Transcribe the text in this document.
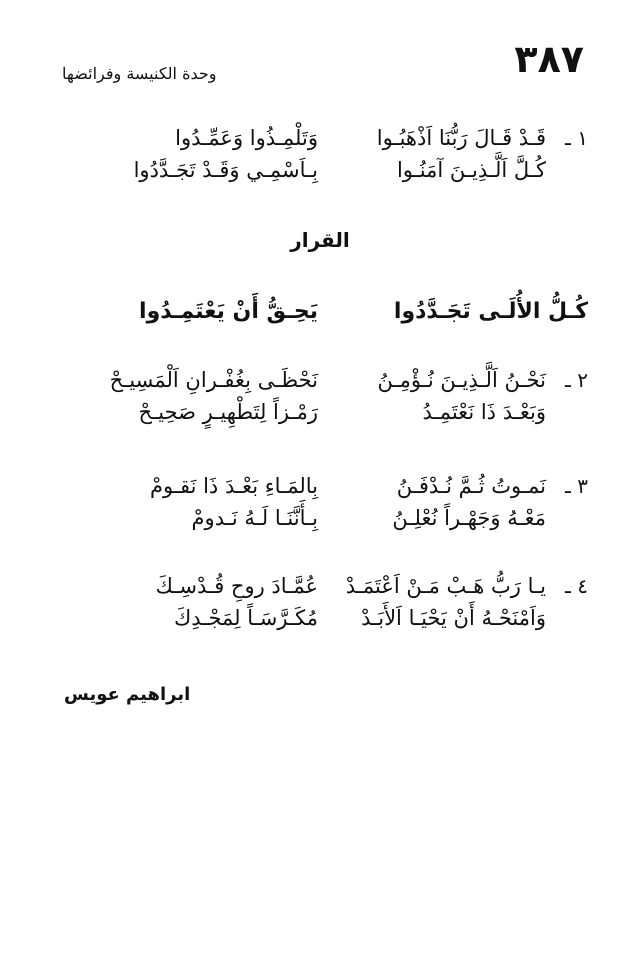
٣٨٧
وحدة الكنيسة وفرائضها
١ ـ
قَـدْ قَـالَ رَبُّنَا اَذْهَبُـوا
وَتَلْمِـذُوا وَعَمِّـدُوا
كُـلَّ اَلَّـذِيـنَ آمَنُـوا
بِـاَسْمِـي وَقَـدْ تَجَـدَّدُوا
القرار
كُـلُّ الأُلَـى تَجَـدَّدُوا
يَحِـقُّ أَنْ يَعْتَمِـدُوا
٢ ـ
نَحْـنُ اَلَّـذِيـنَ نُـؤْمِـنُ
نَحْظَـى بِغُفْـرانِ اَلْمَسِيـحْ
وَبَعْـدَ ذَا نَعْتَمِـدُ
رَمْـزاً لِتَطْهِيـرٍ صَحِيـحْ
٣ ـ
نَمـوتُ ثُـمَّ نُـدْفَـنُ
بِالمَـاءِ بَعْـدَ ذَا نَقـومْ
مَعْـهُ وَجَهْـراً نُعْلِـنُ
بِـأَنَّنَـا لَـهُ نَـدومْ
٤ ـ
يـا رَبُّ هَـبْ مَـنْ اَعْتَمَـدْ
عُمَّـادَ روحِ قُـدْسِـكَ
وَاَمْنَحْـهُ أَنْ يَحْيَـا اَلأَبَـدْ
مُكَـرَّسَـاً لِمَجْـدِكَ
ابراهيم عويس
